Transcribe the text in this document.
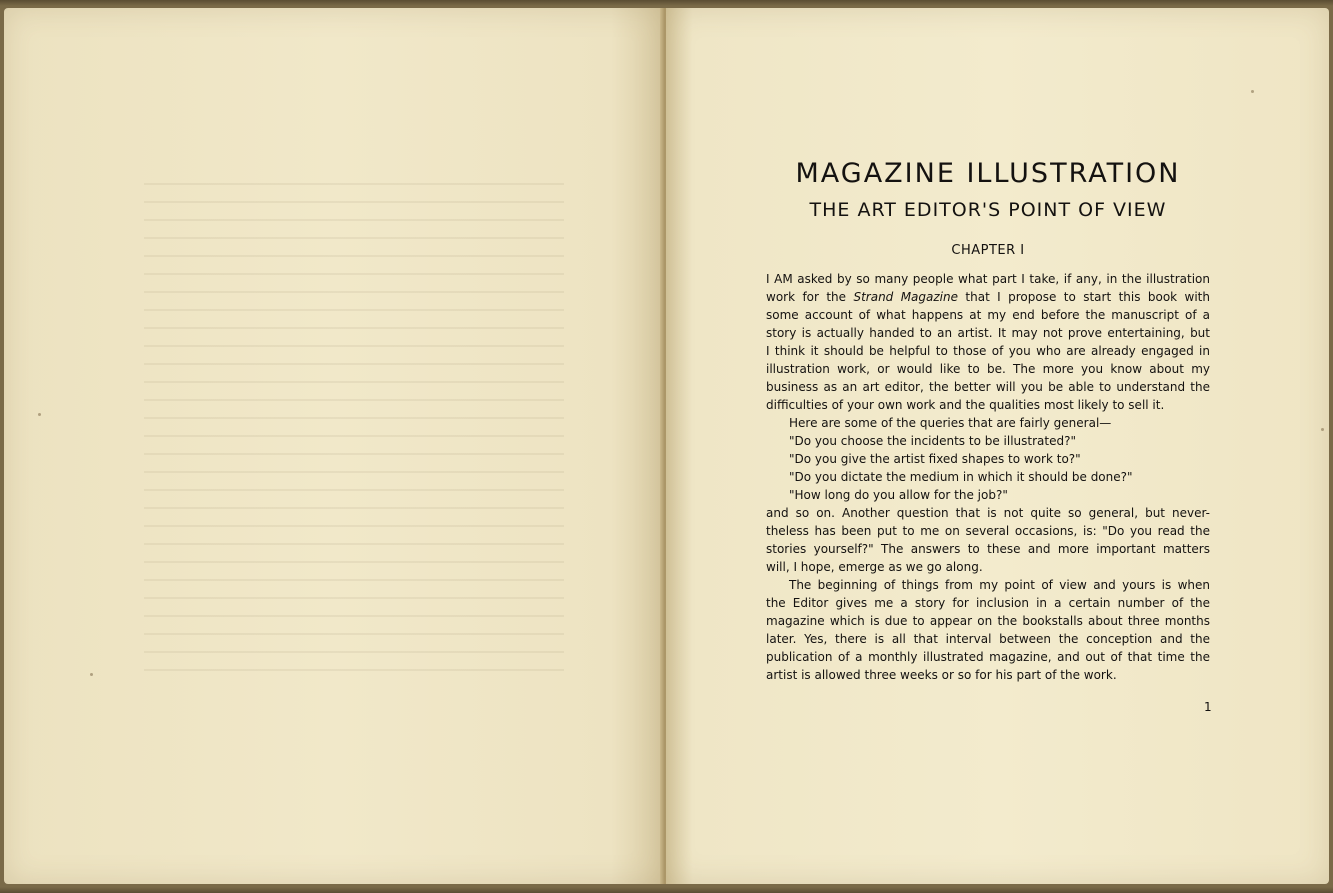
MAGAZINE ILLUSTRATION
THE ART EDITOR'S POINT OF VIEW
CHAPTER I
I AM asked by so many people what part I take, if any, in the illustration
work for the Strand Magazine that I propose to start this book with
some account of what happens at my end before the manuscript of a
story is actually handed to an artist. It may not prove entertaining, but
I think it should be helpful to those of you who are already engaged in
illustration work, or would like to be. The more you know about my
business as an art editor, the better will you be able to understand the
difficulties of your own work and the qualities most likely to sell it.
Here are some of the queries that are fairly general—
"Do you choose the incidents to be illustrated?"
"Do you give the artist fixed shapes to work to?"
"Do you dictate the medium in which it should be done?"
"How long do you allow for the job?"
and so on. Another question that is not quite so general, but never-
theless has been put to me on several occasions, is: "Do you read the
stories yourself?" The answers to these and more important matters
will, I hope, emerge as we go along.
The beginning of things from my point of view and yours is when
the Editor gives me a story for inclusion in a certain number of the
magazine which is due to appear on the bookstalls about three months
later. Yes, there is all that interval between the conception and the
publication of a monthly illustrated magazine, and out of that time the
artist is allowed three weeks or so for his part of the work.
1
